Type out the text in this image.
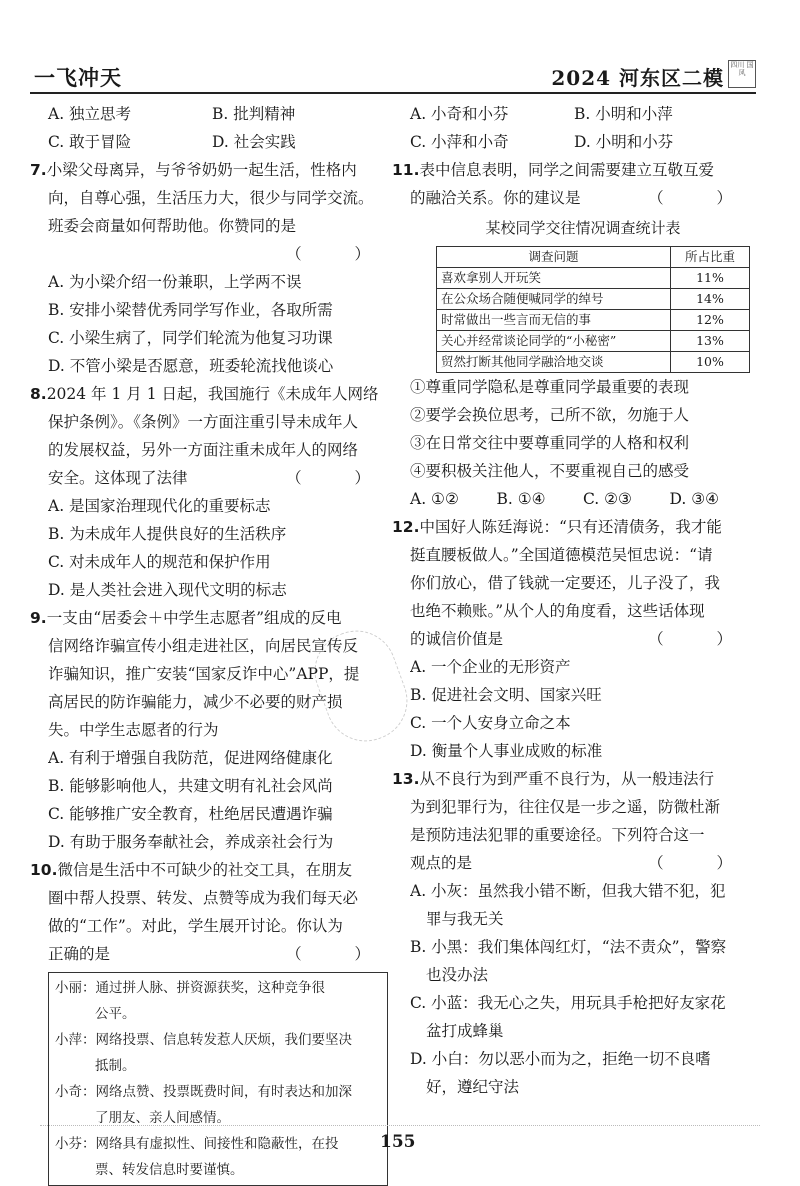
一飞冲天	2024 河东区二模
四川 国风
A. 独立思考	B. 批判精神
C. 敢于冒险	D. 社会实践
7.小梁父母离异，与爷爷奶奶一起生活，性格内
向，自尊心强，生活压力大，很少与同学交流。
班委会商量如何帮助他。你赞同的是
（ ）
A. 为小梁介绍一份兼职，上学两不误
B. 安排小梁替优秀同学写作业，各取所需
C. 小梁生病了，同学们轮流为他复习功课
D. 不管小梁是否愿意，班委轮流找他谈心
8.2024 年 1 月 1 日起，我国施行《未成年人网络
保护条例》。《条例》一方面注重引导未成年人
的发展权益，另外一方面注重未成年人的网络
安全。这体现了法律	（ ）
A. 是国家治理现代化的重要标志
B. 为未成年人提供良好的生活秩序
C. 对未成年人的规范和保护作用
D. 是人类社会进入现代文明的标志
9.一支由“居委会＋中学生志愿者”组成的反电
信网络诈骗宣传小组走进社区，向居民宣传反
诈骗知识，推广安装“国家反诈中心”APP，提
高居民的防诈骗能力，减少不必要的财产损
失。中学生志愿者的行为
A. 有利于增强自我防范，促进网络健康化
B. 能够影响他人，共建文明有礼社会风尚
C. 能够推广安全教育，杜绝居民遭遇诈骗
D. 有助于服务奉献社会，养成亲社会行为
10.微信是生活中不可缺少的社交工具，在朋友
圈中帮人投票、转发、点赞等成为我们每天必
做的“工作”。对此，学生展开讨论。你认为
正确的是	（ ）
小丽：通过拼人脉、拼资源获奖，这种竞争很
公平。
小萍：网络投票、信息转发惹人厌烦，我们要坚决
抵制。
小奇：网络点赞、投票既费时间，有时表达和加深
了朋友、亲人间感情。
小芬：网络具有虚拟性、间接性和隐蔽性，在投
票、转发信息时要谨慎。
A. 小奇和小芬	B. 小明和小萍
C. 小萍和小奇	D. 小明和小芬
11.表中信息表明，同学之间需要建立互敬互爱
的融洽关系。你的建议是	（ ）
某校同学交往情况调查统计表
调查问题	所占比重
喜欢拿别人开玩笑	11%
在公众场合随便喊同学的绰号	14%
时常做出一些言而无信的事	12%
关心并经常谈论同学的“小秘密”	13%
贸然打断其他同学融洽地交谈	10%
①尊重同学隐私是尊重同学最重要的表现
②要学会换位思考，己所不欲，勿施于人
③在日常交往中要尊重同学的人格和权利
④要积极关注他人，不要重视自己的感受
A. ①②	B. ①④	C. ②③	D. ③④
12.中国好人陈廷海说：“只有还清债务，我才能
挺直腰板做人。”全国道德模范吴恒忠说：“请
你们放心，借了钱就一定要还，儿子没了，我
也绝不赖账。”从个人的角度看，这些话体现
的诚信价值是	（ ）
A. 一个企业的无形资产
B. 促进社会文明、国家兴旺
C. 一个人安身立命之本
D. 衡量个人事业成败的标准
13.从不良行为到严重不良行为，从一般违法行
为到犯罪行为，往往仅是一步之遥，防微杜渐
是预防违法犯罪的重要途径。下列符合这一
观点的是	（ ）
A. 小灰：虽然我小错不断，但我大错不犯，犯
罪与我无关
B. 小黑：我们集体闯红灯，“法不责众”，警察
也没办法
C. 小蓝：我无心之失，用玩具手枪把好友家花
盆打成蜂巢
D. 小白：勿以恶小而为之，拒绝一切不良嗜
好，遵纪守法
155
